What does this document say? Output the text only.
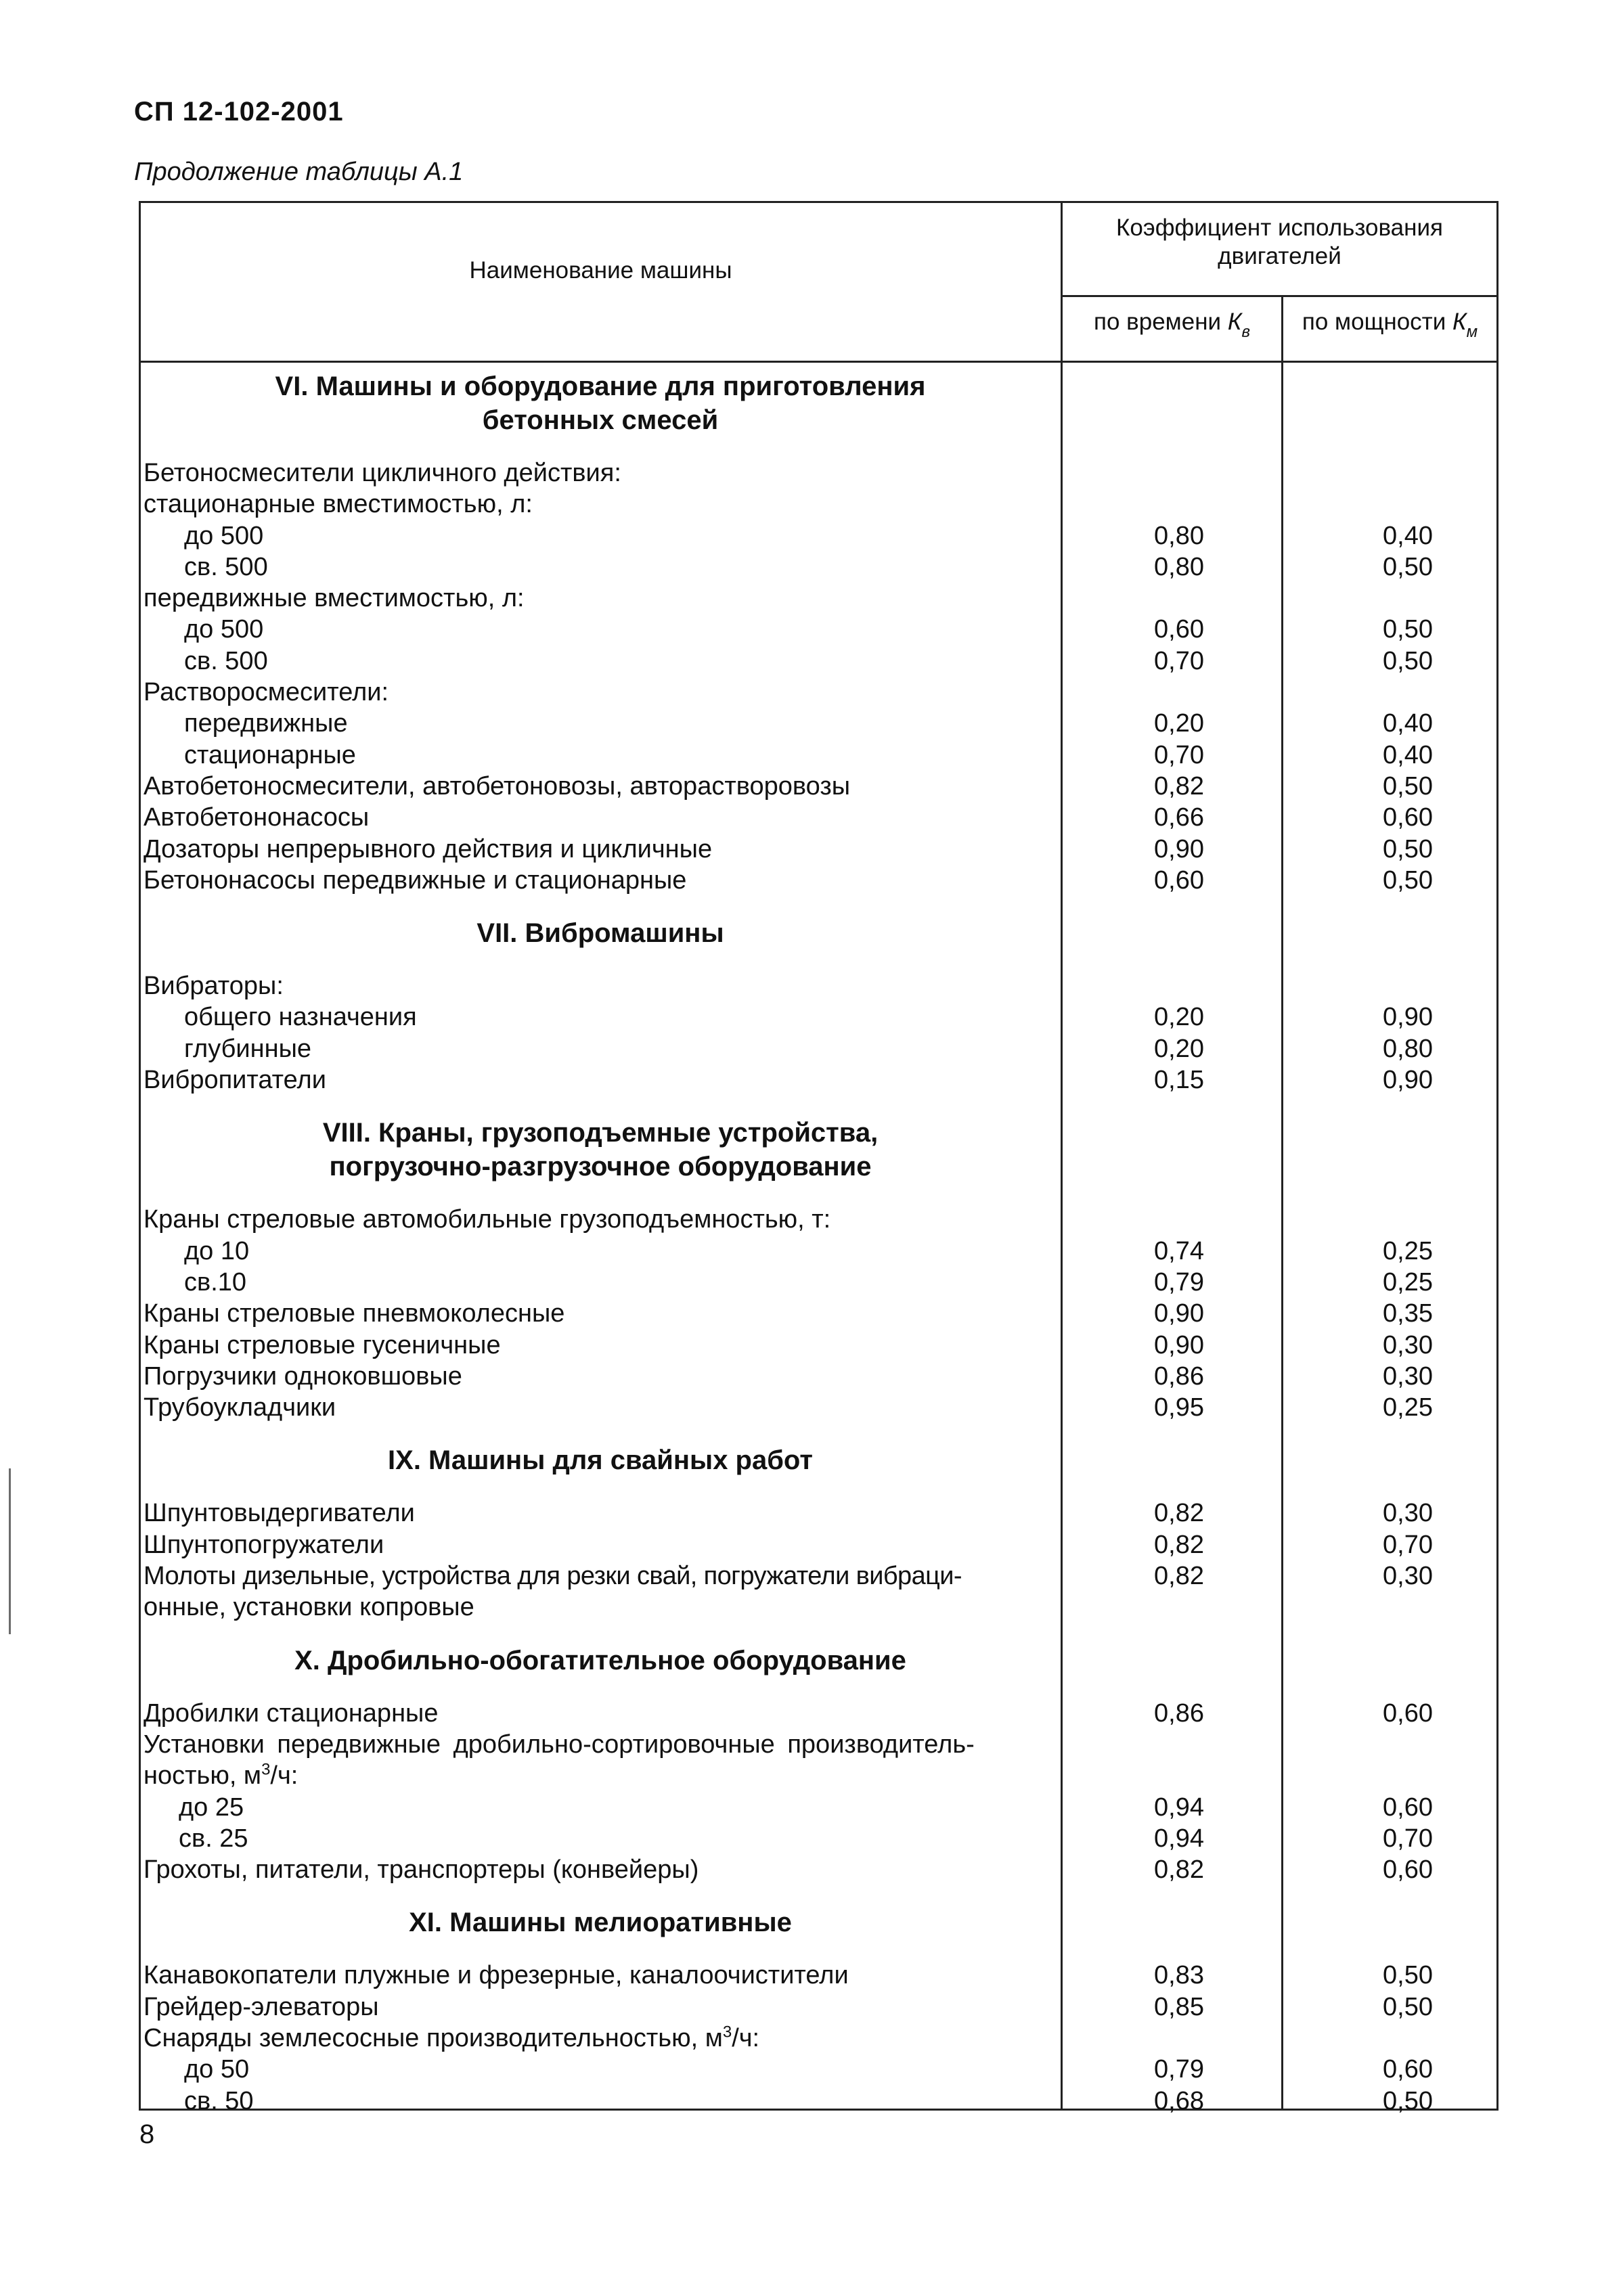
СП 12-102-2001
Продолжение таблицы А.1
Наименование машины
Коэффициент использования
двигателей
по времени $К_в$	по мощности $К_м$
VI. Машины и оборудование для приготовления
бетонных смесей
Бетоносмесители цикличного действия:
стационарные вместимостью, л:
до 500	0,80	0,40
св. 500	0,80	0,50
передвижные вместимостью, л:
до 500	0,60	0,50
св. 500	0,70	0,50
Растворосмесители:
передвижные	0,20	0,40
стационарные	0,70	0,40
Автобетоносмесители, автобетоновозы, авторастворовозы	0,82	0,50
Автобетононасосы	0,66	0,60
Дозаторы непрерывного действия и цикличные	0,90	0,50
Бетононасосы передвижные и стационарные	0,60	0,50
VII. Вибромашины
Вибраторы:
общего назначения	0,20	0,90
глубинные	0,20	0,80
Вибропитатели	0,15	0,90
VIII. Краны, грузоподъемные устройства,
погрузочно-разгрузочное оборудование
Краны стреловые автомобильные грузоподъемностью, т:
до 10	0,74	0,25
св.10	0,79	0,25
Краны стреловые пневмоколесные	0,90	0,35
Краны стреловые гусеничные	0,90	0,30
Погрузчики одноковшовые	0,86	0,30
Трубоукладчики	0,95	0,25
IX. Машины для свайных работ
Шпунтовыдергиватели	0,82	0,30
Шпунтопогружатели	0,82	0,70
Молоты дизельные, устройства для резки свай, погружатели вибраци-	0,82	0,30
онные, установки копровые
X. Дробильно-обогатительное оборудование
Дробилки стационарные	0,86	0,60
Установки передвижные дробильно-сортировочные производитель-
ностью, $м^3/ч$:
до 25	0,94	0,60
св. 25	0,94	0,70
Грохоты, питатели, транспортеры (конвейеры)	0,82	0,60
XI. Машины мелиоративные
Канавокопатели плужные и фрезерные, каналоочистители	0,83	0,50
Грейдер-элеваторы	0,85	0,50
Снаряды землесосные производительностью, $м^3/ч$:
до 50	0,79	0,60
св. 50	0,68	0,50
8
